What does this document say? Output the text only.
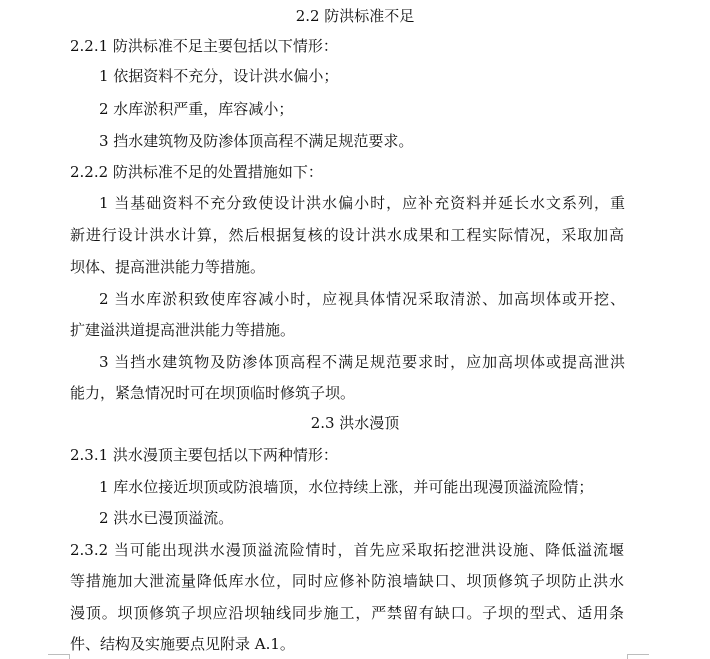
2.2 防洪标准不足
2.2.1 防洪标准不足主要包括以下情形：
1 依据资料不充分，设计洪水偏小；
2 水库淤积严重，库容减小；
3 挡水建筑物及防渗体顶高程不满足规范要求。
2.2.2 防洪标准不足的处置措施如下：
1 当基础资料不充分致使设计洪水偏小时，应补充资料并延长水文系列，重
新进行设计洪水计算，然后根据复核的设计洪水成果和工程实际情况，采取加高
坝体、提高泄洪能力等措施。
2 当水库淤积致使库容减小时，应视具体情况采取清淤、加高坝体或开挖、
扩建溢洪道提高泄洪能力等措施。
3 当挡水建筑物及防渗体顶高程不满足规范要求时，应加高坝体或提高泄洪
能力，紧急情况时可在坝顶临时修筑子坝。
2.3 洪水漫顶
2.3.1 洪水漫顶主要包括以下两种情形：
1 库水位接近坝顶或防浪墙顶，水位持续上涨，并可能出现漫顶溢流险情；
2 洪水已漫顶溢流。
2.3.2 当可能出现洪水漫顶溢流险情时，首先应采取拓挖泄洪设施、降低溢流堰
等措施加大泄流量降低库水位，同时应修补防浪墙缺口、坝顶修筑子坝防止洪水
漫顶。坝顶修筑子坝应沿坝轴线同步施工，严禁留有缺口。子坝的型式、适用条
件、结构及实施要点见附录 A.1。
